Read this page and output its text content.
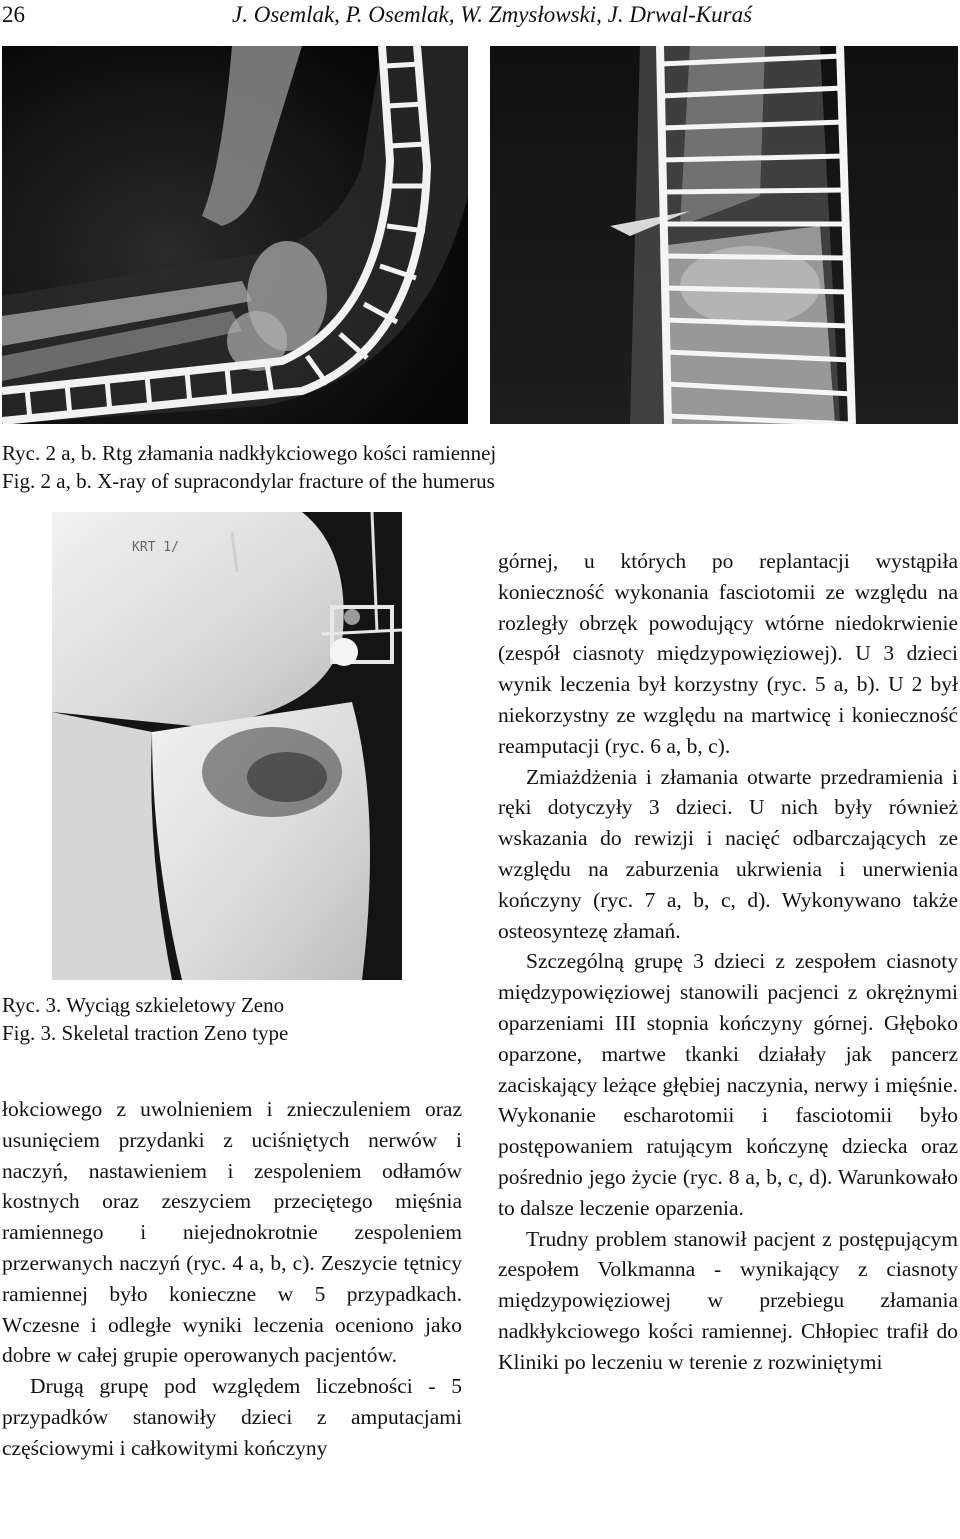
26	J. Osemlak, P. Osemlak, W. Zmysłowski, J. Drwal-Kuraś
Ryc. 2 a, b. Rtg złamania nadkłykciowego kości ramiennej
Fig. 2 a, b. X-ray of supracondylar fracture of the humerus
KRT 1/
Ryc. 3. Wyciąg szkieletowy Zeno
Fig. 3. Skeletal traction Zeno type

łokciowego z uwolnieniem i znieczuleniem oraz usunięciem przydanki z uciśniętych nerwów i naczyń, nastawieniem i zespoleniem odłamów kostnych oraz zeszyciem przeciętego mięśnia ramiennego i niejednokrotnie zespoleniem przerwanych naczyń (ryc. 4 a, b, c). Zeszycie tętnicy ramiennej było konieczne w 5 przypadkach. Wczesne i odległe wyniki leczenia oceniono jako dobre w całej grupie operowanych pacjentów.

Drugą grupę pod względem liczebności - 5 przypadków stanowiły dzieci z amputacjami częściowymi i całkowitymi kończyny

górnej, u których po replantacji wystąpiła konieczność wykonania fasciotomii ze względu na rozległy obrzęk powodujący wtórne niedokrwienie (zespół ciasnoty międzypowięziowej). U 3 dzieci wynik leczenia był korzystny (ryc. 5 a, b). U 2 był niekorzystny ze względu na martwicę i konieczność reamputacji (ryc. 6 a, b, c).

Zmiażdżenia i złamania otwarte przedramienia i ręki dotyczyły 3 dzieci. U nich były również wskazania do rewizji i nacięć odbarczających ze względu na zaburzenia ukrwienia i unerwienia kończyny (ryc. 7 a, b, c, d). Wykonywano także osteosyntezę złamań.

Szczególną grupę 3 dzieci z zespołem ciasnoty międzypowięziowej stanowili pacjenci z okrężnymi oparzeniami III stopnia kończyny górnej. Głęboko oparzone, martwe tkanki działały jak pancerz zaciskający leżące głębiej naczynia, nerwy i mięśnie. Wykonanie escharotomii i fasciotomii było postępowaniem ratującym kończynę dziecka oraz pośrednio jego życie (ryc. 8 a, b, c, d). Warunkowało to dalsze leczenie oparzenia.

Trudny problem stanowił pacjent z postępującym zespołem Volkmanna - wynikający z ciasnoty międzypowięziowej w przebiegu złamania nadkłykciowego kości ramiennej. Chłopiec trafił do Kliniki po leczeniu w terenie z rozwiniętymi
